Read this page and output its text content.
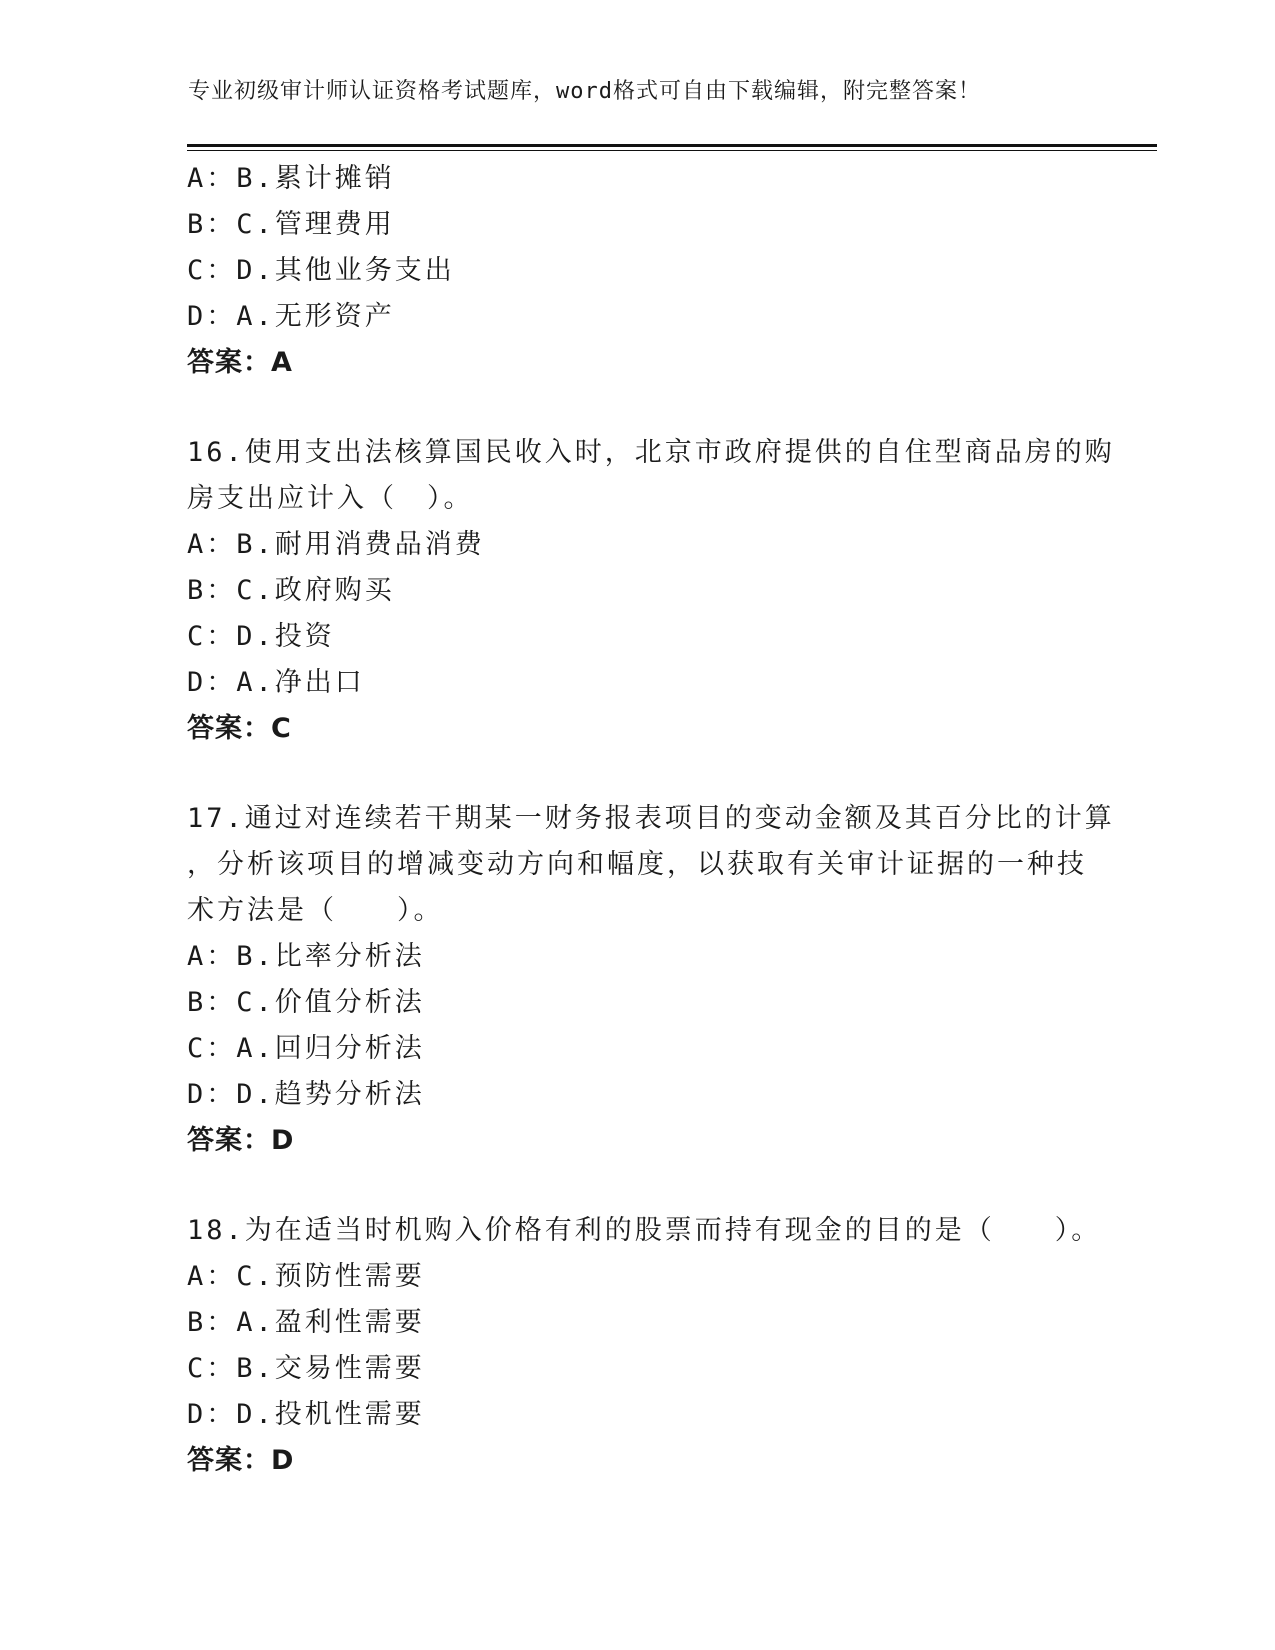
专业初级审计师认证资格考试题库，word格式可自由下载编辑，附完整答案！
A：B.累计摊销
B：C.管理费用
C：D.其他业务支出
D：A.无形资产
答案：A
16.使用支出法核算国民收入时，北京市政府提供的自住型商品房的购
房支出应计入（　）。
A：B.耐用消费品消费
B：C.政府购买
C：D.投资
D：A.净出口
答案：C
17.通过对连续若干期某一财务报表项目的变动金额及其百分比的计算
，分析该项目的增减变动方向和幅度，以获取有关审计证据的一种技
术方法是（　　）。
A：B.比率分析法
B：C.价值分析法
C：A.回归分析法
D：D.趋势分析法
答案：D
18.为在适当时机购入价格有利的股票而持有现金的目的是（　　）。
A：C.预防性需要
B：A.盈利性需要
C：B.交易性需要
D：D.投机性需要
答案：D
